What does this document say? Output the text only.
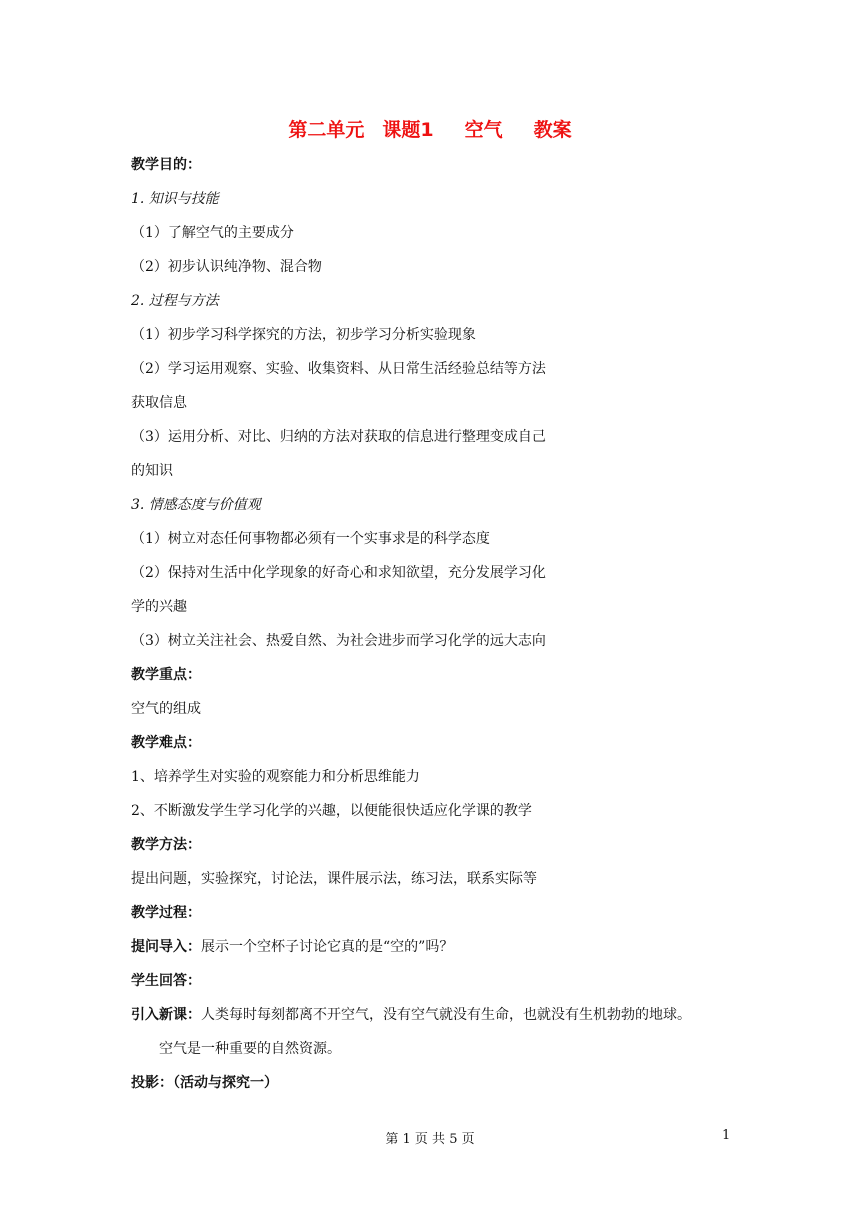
第二单元 课题1 空气 教案
教学目的：
1. 知识与技能
（1）了解空气的主要成分
（2）初步认识纯净物、混合物
2. 过程与方法
（1）初步学习科学探究的方法，初步学习分析实验现象
（2）学习运用观察、实验、收集资料、从日常生活经验总结等方法
获取信息
（3）运用分析、对比、归纳的方法对获取的信息进行整理变成自己
的知识
3. 情感态度与价值观
（1）树立对态任何事物都必须有一个实事求是的科学态度
（2）保持对生活中化学现象的好奇心和求知欲望，充分发展学习化
学的兴趣
（3）树立关注社会、热爱自然、为社会进步而学习化学的远大志向
教学重点：
空气的组成
教学难点：
1、培养学生对实验的观察能力和分析思维能力
2、不断激发学生学习化学的兴趣，以便能很快适应化学课的教学
教学方法：
提出问题，实验探究，讨论法，课件展示法，练习法，联系实际等
教学过程：
提问导入：展示一个空杯子讨论它真的是“空的”吗？
学生回答：
引入新课：人类每时每刻都离不开空气，没有空气就没有生命，也就没有生机勃勃的地球。
空气是一种重要的自然资源。
投影：（活动与探究一）
第 1 页 共 5 页	1
